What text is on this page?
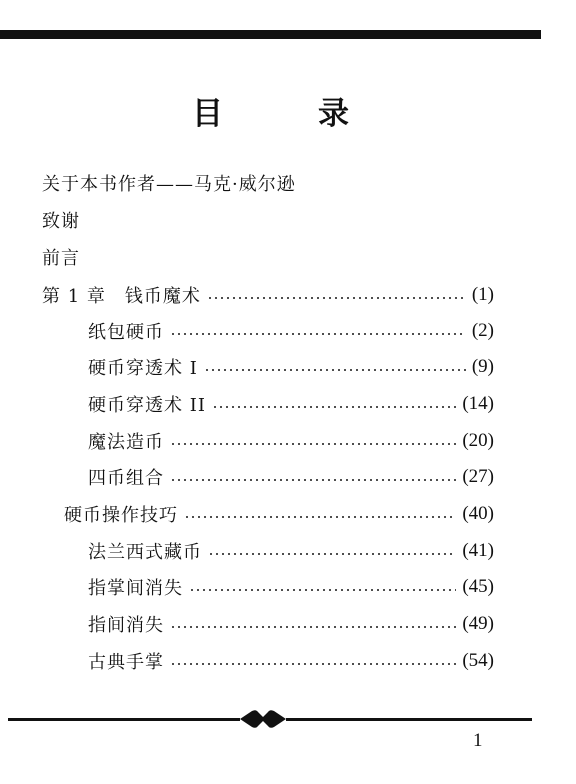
目　录
关于本书作者——马克·威尔逊
致谢
前言
第 1 章　钱币魔术	(1)
纸包硬币	(2)
硬币穿透术 I	(9)
硬币穿透术 II	(14)
魔法造币	(20)
四币组合	(27)
硬币操作技巧	(40)
法兰西式藏币	(41)
指掌间消失	(45)
指间消失	(49)
古典手掌	(54)
1
